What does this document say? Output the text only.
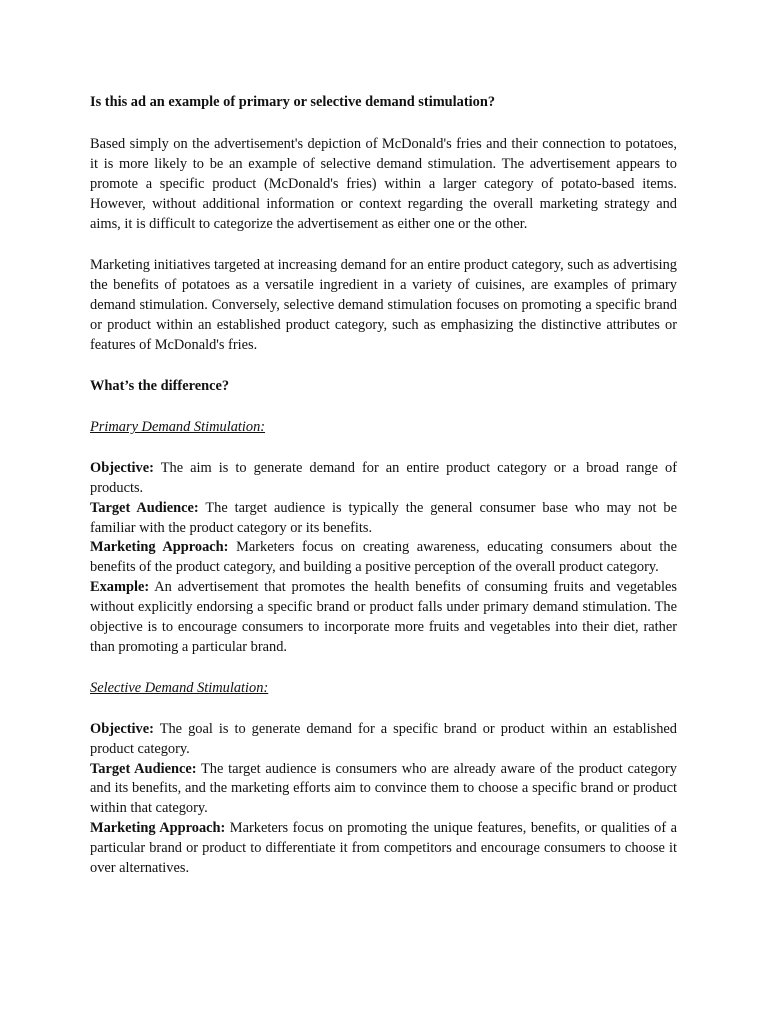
Is this ad an example of primary or selective demand stimulation?

Based simply on the advertisement's depiction of McDonald's fries and their connection to potatoes, it is more likely to be an example of selective demand stimulation. The advertisement appears to promote a specific product (McDonald's fries) within a larger category of potato-based items. However, without additional information or context regarding the overall marketing strategy and aims, it is difficult to categorize the advertisement as either one or the other.

Marketing initiatives targeted at increasing demand for an entire product category, such as advertising the benefits of potatoes as a versatile ingredient in a variety of cuisines, are examples of primary demand stimulation. Conversely, selective demand stimulation focuses on promoting a specific brand or product within an established product category, such as emphasizing the distinctive attributes or features of McDonald's fries.

What’s the difference?

Primary Demand Stimulation:

Objective: The aim is to generate demand for an entire product category or a broad range of products.

Target Audience: The target audience is typically the general consumer base who may not be familiar with the product category or its benefits.

Marketing Approach: Marketers focus on creating awareness, educating consumers about the benefits of the product category, and building a positive perception of the overall product category.

Example: An advertisement that promotes the health benefits of consuming fruits and vegetables without explicitly endorsing a specific brand or product falls under primary demand stimulation. The objective is to encourage consumers to incorporate more fruits and vegetables into their diet, rather than promoting a particular brand.

Selective Demand Stimulation:

Objective: The goal is to generate demand for a specific brand or product within an established product category.

Target Audience: The target audience is consumers who are already aware of the product category and its benefits, and the marketing efforts aim to convince them to choose a specific brand or product within that category.

Marketing Approach: Marketers focus on promoting the unique features, benefits, or qualities of a particular brand or product to differentiate it from competitors and encourage consumers to choose it over alternatives.
